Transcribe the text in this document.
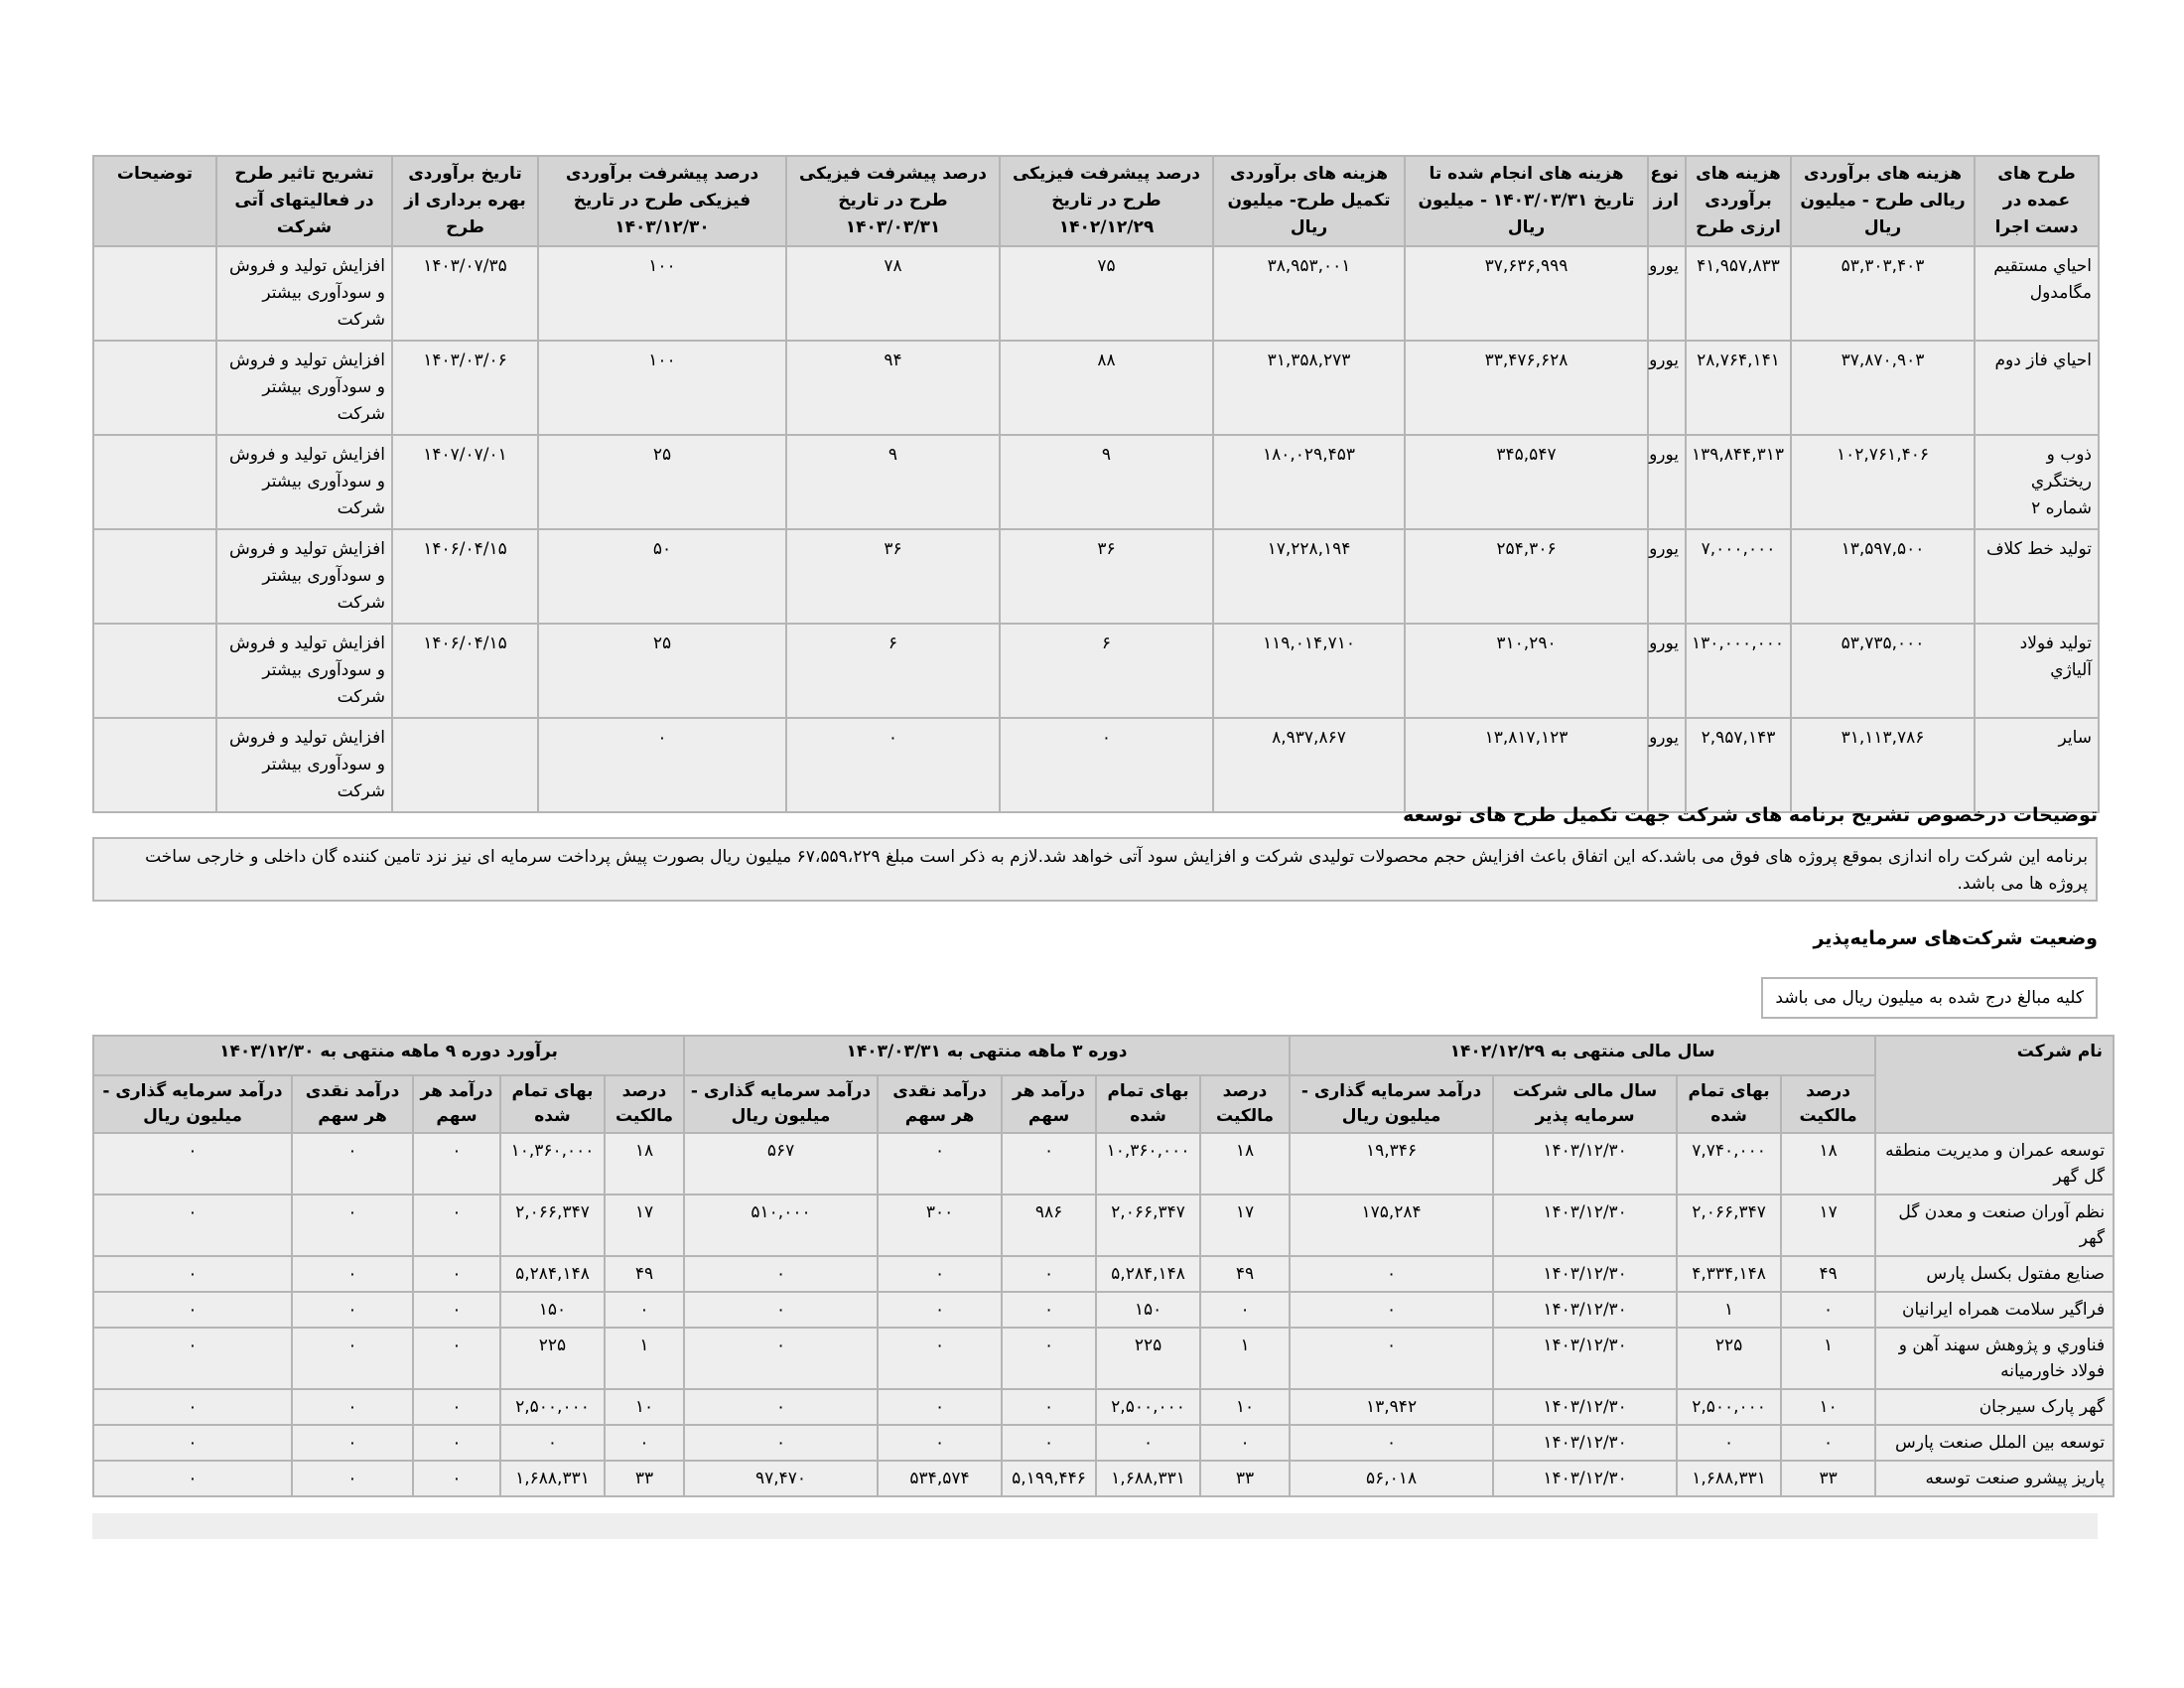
طرح های عمده در دست اجرا	هزینه های برآوردی ریالی طرح - میلیون ریال	هزینه های برآوردی ارزی طرح	نوع ارز	هزینه های انجام شده تا تاریخ ۱۴۰۳/۰۳/۳۱ - میلیون ریال	هزینه های برآوردی تکمیل طرح- میلیون ریال	درصد پیشرفت فیزیکی طرح در تاریخ ۱۴۰۲/۱۲/۲۹	درصد پیشرفت فیزیکی طرح در تاریخ ۱۴۰۳/۰۳/۳۱	درصد پیشرفت برآوردی فیزیکی طرح در تاریخ ۱۴۰۳/۱۲/۳۰	تاریخ برآوردی بهره برداری از طرح	تشریح تاثیر طرح در فعالیتهای آتی شرکت	توضیحات
احیاي مستقیم مگامدول	۵۳,۳۰۳,۴۰۳	۴۱,۹۵۷,۸۳۳	یورو	۳۷,۶۳۶,۹۹۹	۳۸,۹۵۳,۰۰۱	۷۵	۷۸	۱۰۰	۱۴۰۳/۰۷/۳۵	افزایش تولید و فروش و سودآوری بیشتر شرکت	
احیاي فاز دوم	۳۷,۸۷۰,۹۰۳	۲۸,۷۶۴,۱۴۱	یورو	۳۳,۴۷۶,۶۲۸	۳۱,۳۵۸,۲۷۳	۸۸	۹۴	۱۰۰	۱۴۰۳/۰۳/۰۶	افزایش تولید و فروش و سودآوری بیشتر شرکت	
ذوب و ریختگري شماره ۲	۱۰۲,۷۶۱,۴۰۶	۱۳۹,۸۴۴,۳۱۳	یورو	۳۴۵,۵۴۷	۱۸۰,۰۲۹,۴۵۳	۹	۹	۲۵	۱۴۰۷/۰۷/۰۱	افزایش تولید و فروش و سودآوری بیشتر شرکت	
تولید خط کلاف	۱۳,۵۹۷,۵۰۰	۷,۰۰۰,۰۰۰	یورو	۲۵۴,۳۰۶	۱۷,۲۲۸,۱۹۴	۳۶	۳۶	۵۰	۱۴۰۶/۰۴/۱۵	افزایش تولید و فروش و سودآوری بیشتر شرکت	
تولید فولاد آلیاژي	۵۳,۷۳۵,۰۰۰	۱۳۰,۰۰۰,۰۰۰	یورو	۳۱۰,۲۹۰	۱۱۹,۰۱۴,۷۱۰	۶	۶	۲۵	۱۴۰۶/۰۴/۱۵	افزایش تولید و فروش و سودآوری بیشتر شرکت	
سایر	۳۱,۱۱۳,۷۸۶	۲,۹۵۷,۱۴۳	یورو	۱۳,۸۱۷,۱۲۳	۸,۹۳۷,۸۶۷	۰	۰	۰		افزایش تولید و فروش و سودآوری بیشتر شرکت	
توضیحات درخصوص تشریح برنامه های شرکت جهت تکمیل طرح های توسعه
برنامه این شرکت راه اندازی بموقع پروژه های فوق می باشد.که این اتفاق باعث افزایش حجم محصولات تولیدی شرکت و افزایش سود آتی خواهد شد.لازم به ذکر است مبلغ ۶۷،۵۵۹،۲۲۹ میلیون ریال بصورت پیش پرداخت سرمایه ای نیز نزد تامین کننده گان داخلی و خارجی ساخت پروژه ها می باشد.
وضعیت شرکت‌های سرمایه‌پذیر
کلیه مبالغ درج شده به میلیون ریال می باشد
نام شرکت	سال مالی منتهی به ۱۴۰۲/۱۲/۲۹				دوره ۳ ماهه منتهی به ۱۴۰۳/۰۳/۳۱					برآورد دوره ۹ ماهه منتهی به ۱۴۰۳/۱۲/۳۰				
	درصد مالکیت	بهای تمام شده	سال مالی شرکت سرمایه پذیر	درآمد سرمایه گذاری - میلیون ریال	درصد مالکیت	بهای تمام شده	درآمد هر سهم	درآمد نقدی هر سهم	درآمد سرمایه گذاری - میلیون ریال	درصد مالکیت	بهای تمام شده	درآمد هر سهم	درآمد نقدی هر سهم	درآمد سرمایه گذاری - میلیون ریال
توسعه عمران و مدیریت منطقه گل گهر	۱۸	۷,۷۴۰,۰۰۰	۱۴۰۳/۱۲/۳۰	۱۹,۳۴۶	۱۸	۱۰,۳۶۰,۰۰۰	۰	۰	۵۶۷	۱۸	۱۰,۳۶۰,۰۰۰	۰	۰	۰
نظم آوران صنعت و معدن گل گهر	۱۷	۲,۰۶۶,۳۴۷	۱۴۰۳/۱۲/۳۰	۱۷۵,۲۸۴	۱۷	۲,۰۶۶,۳۴۷	۹۸۶	۳۰۰	۵۱۰,۰۰۰	۱۷	۲,۰۶۶,۳۴۷	۰	۰	۰
صنایع مفتول بکسل پارس	۴۹	۴,۳۳۴,۱۴۸	۱۴۰۳/۱۲/۳۰	۰	۴۹	۵,۲۸۴,۱۴۸	۰	۰	۰	۴۹	۵,۲۸۴,۱۴۸	۰	۰	۰
فراگیر سلامت همراه ایرانیان	۰	۱	۱۴۰۳/۱۲/۳۰	۰	۰	۱۵۰	۰	۰	۰	۰	۱۵۰	۰	۰	۰
فناوري و پژوهش سهند آهن و فولاد خاورمیانه	۱	۲۲۵	۱۴۰۳/۱۲/۳۰	۰	۱	۲۲۵	۰	۰	۰	۱	۲۲۵	۰	۰	۰
گهر پارک سیرجان	۱۰	۲,۵۰۰,۰۰۰	۱۴۰۳/۱۲/۳۰	۱۳,۹۴۲	۱۰	۲,۵۰۰,۰۰۰	۰	۰	۰	۱۰	۲,۵۰۰,۰۰۰	۰	۰	۰
توسعه بین الملل صنعت پارس	۰	۰	۱۴۰۳/۱۲/۳۰	۰	۰	۰	۰	۰	۰	۰	۰	۰	۰	۰
پاریز پیشرو صنعت توسعه	۳۳	۱,۶۸۸,۳۳۱	۱۴۰۳/۱۲/۳۰	۵۶,۰۱۸	۳۳	۱,۶۸۸,۳۳۱	۵,۱۹۹,۴۴۶	۵۳۴,۵۷۴	۹۷,۴۷۰	۳۳	۱,۶۸۸,۳۳۱	۰	۰	۰
